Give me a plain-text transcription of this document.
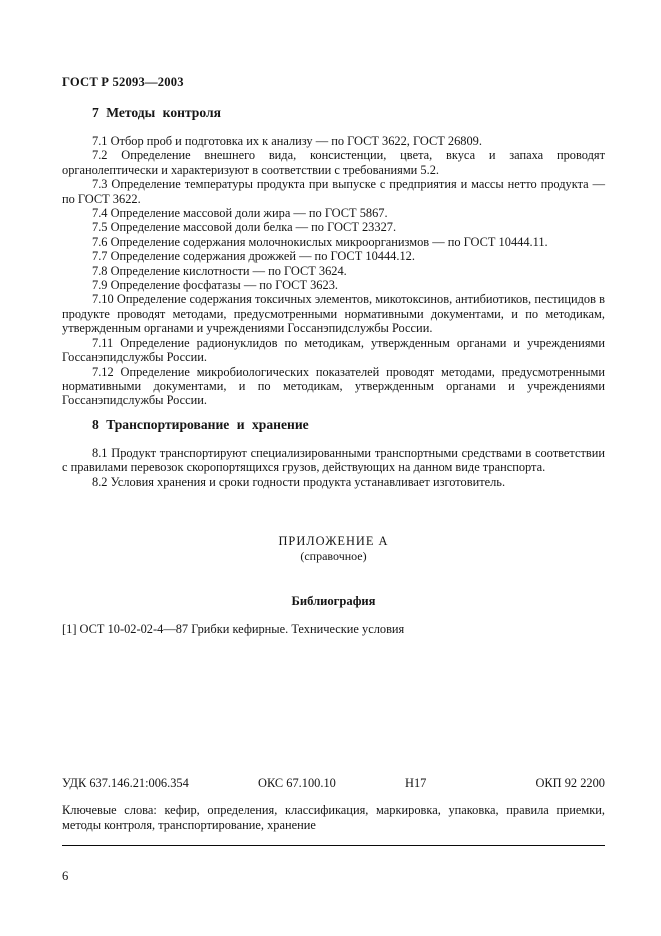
ГОСТ Р 52093—2003
7 Методы контроля

7.1 Отбор проб и подготовка их к анализу — по ГОСТ 3622, ГОСТ 26809.

7.2 Определение внешнего вида, консистенции, цвета, вкуса и запаха проводят органолептически и характеризуют в соответствии с требованиями 5.2.

7.3 Определение температуры продукта при выпуске с предприятия и массы нетто продукта — по ГОСТ 3622.

7.4 Определение массовой доли жира — по ГОСТ 5867.

7.5 Определение массовой доли белка — по ГОСТ 23327.

7.6 Определение содержания молочнокислых микроорганизмов — по ГОСТ 10444.11.

7.7 Определение содержания дрожжей — по ГОСТ 10444.12.

7.8 Определение кислотности — по ГОСТ 3624.

7.9 Определение фосфатазы — по ГОСТ 3623.

7.10 Определение содержания токсичных элементов, микотоксинов, антибиотиков, пестицидов в продукте проводят методами, предусмотренными нормативными документами, и по методикам, утвержденным органами и учреждениями Госсанэпидслужбы России.

7.11 Определение радионуклидов по методикам, утвержденным органами и учреждениями Госсанэпидслужбы России.

7.12 Определение микробиологических показателей проводят методами, предусмотренными нормативными документами, и по методикам, утвержденным органами и учреждениями Госсанэпидслужбы России.

8 Транспортирование и хранение

8.1 Продукт транспортируют специализированными транспортными средствами в соответствии с правилами перевозок скоропортящихся грузов, действующих на данном виде транспорта.

8.2 Условия хранения и сроки годности продукта устанавливает изготовитель.

ПРИЛОЖЕНИЕ А
(справочное)
Библиография
[1] ОСТ 10-02-02-4—87 Грибки кефирные. Технические условия
УДК 637.146.21:006.354	ОКС 67.100.10	Н17	ОКП 92 2200

Ключевые слова: кефир, определения, классификация, маркировка, упаковка, правила приемки, методы контроля, транспортирование, хранение

6
